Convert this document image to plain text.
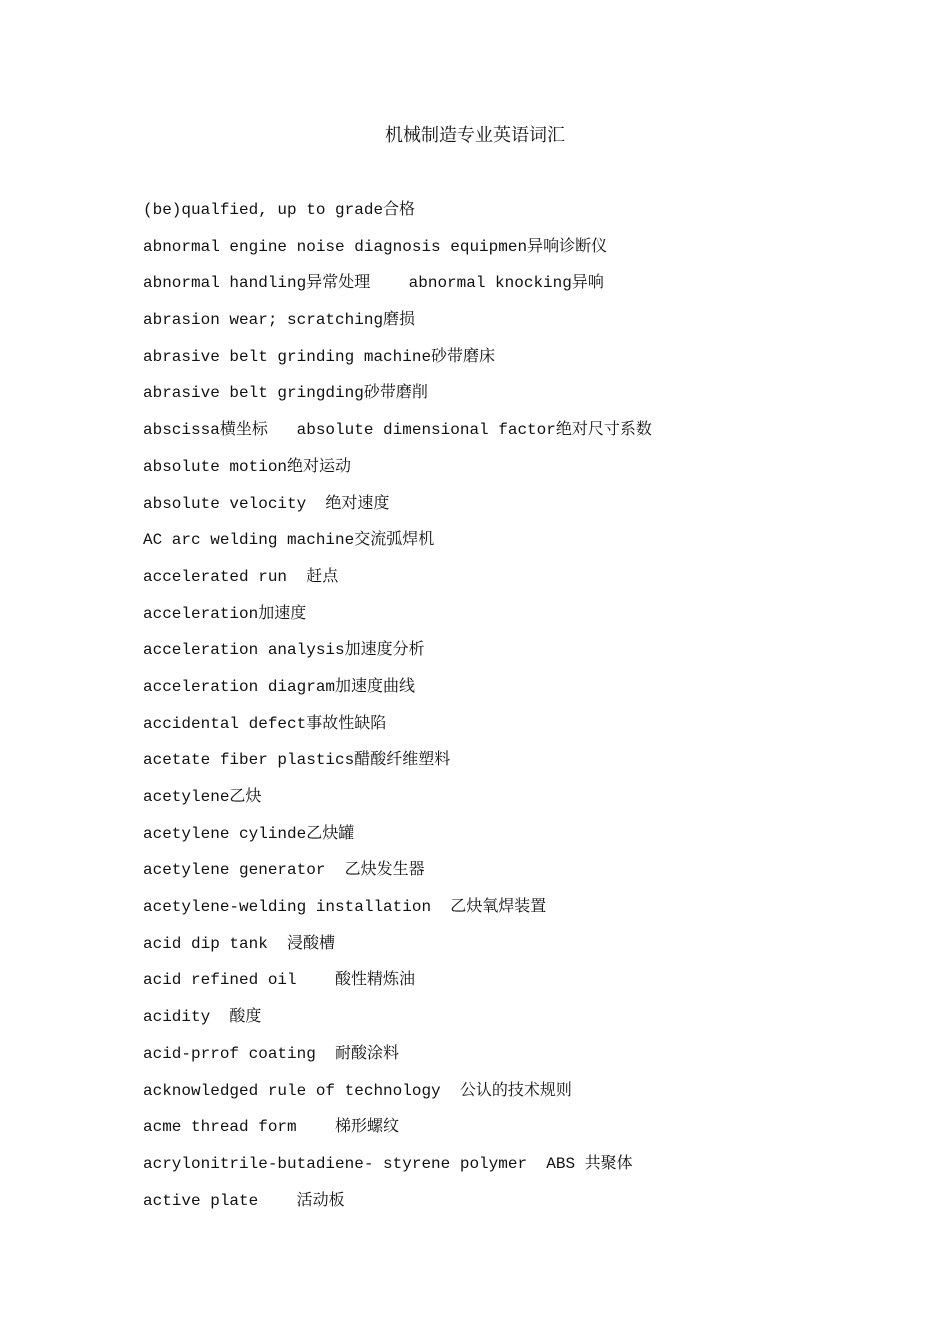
机械制造专业英语词汇
(be)qualfied, up to grade合格
abnormal engine noise diagnosis equipmen异响诊断仪
abnormal handling异常处理    abnormal knocking异响
abrasion wear; scratching磨损
abrasive belt grinding machine砂带磨床
abrasive belt gringding砂带磨削
abscissa横坐标   absolute dimensional factor绝对尺寸系数
absolute motion绝对运动
absolute velocity  绝对速度
AC arc welding machine交流弧焊机
accelerated run  赶点
acceleration加速度
acceleration analysis加速度分析
acceleration diagram加速度曲线
accidental defect事故性缺陷
acetate fiber plastics醋酸纤维塑料
acetylene乙炔
acetylene cylinde乙炔罐
acetylene generator  乙炔发生器
acetylene-welding installation  乙炔氧焊装置
acid dip tank  浸酸槽
acid refined oil    酸性精炼油
acidity  酸度
acid-prrof coating  耐酸涂料
acknowledged rule of technology  公认的技术规则
acme thread form    梯形螺纹
acrylonitrile-butadiene- styrene polymer  ABS 共聚体
active plate    活动板
